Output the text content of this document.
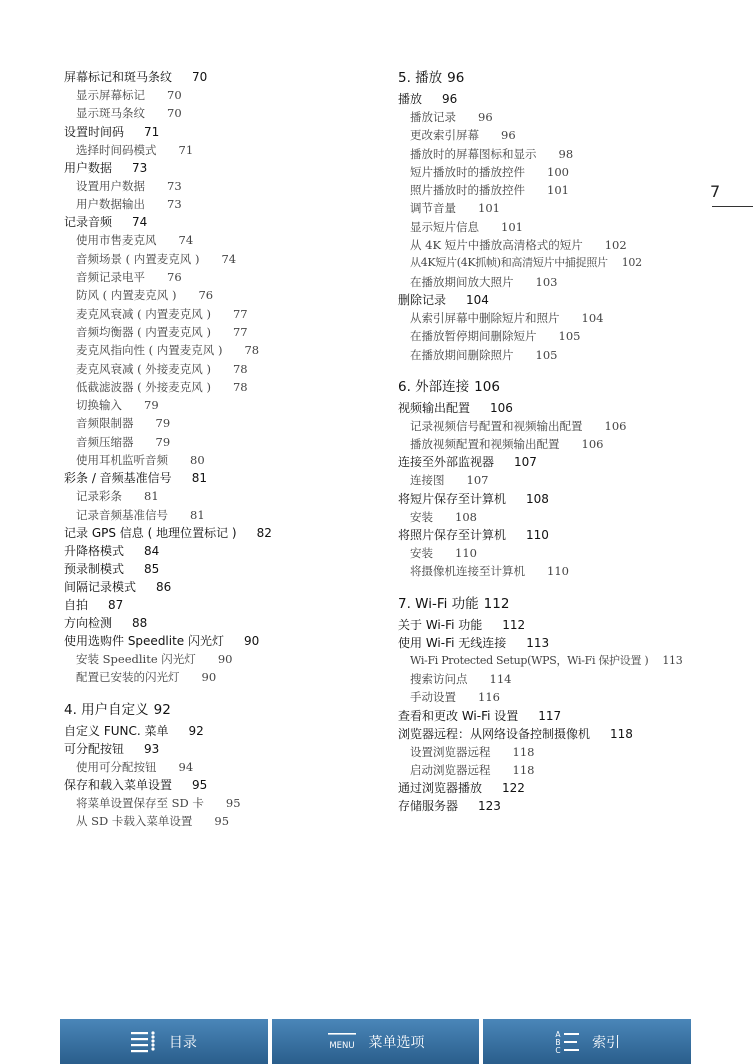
屏幕标记和斑马条纹 70
显示屏幕标记 70
显示斑马条纹 70
设置时间码 71
选择时间码模式 71
用户数据 73
设置用户数据 73
用户数据输出 73
记录音频 74
使用市售麦克风 74
音频场景 ( 内置麦克风 ) 74
音频记录电平 76
防风 ( 内置麦克风 ) 76
麦克风衰减 ( 内置麦克风 ) 77
音频均衡器 ( 内置麦克风 ) 77
麦克风指向性 ( 内置麦克风 ) 78
麦克风衰减 ( 外接麦克风 ) 78
低截滤波器 ( 外接麦克风 ) 78
切换输入 79
音频限制器 79
音频压缩器 79
使用耳机监听音频 80
彩条 / 音频基准信号 81
记录彩条 81
记录音频基准信号 81
记录 GPS 信息 ( 地理位置标记 ) 82
升降格模式 84
预录制模式 85
间隔记录模式 86
自拍 87
方向检测 88
使用选购件 Speedlite 闪光灯 90
安装 Speedlite 闪光灯 90
配置已安装的闪光灯 90
4. 用户自定义 92
自定义 FUNC. 菜单 92
可分配按钮 93
使用可分配按钮 94
保存和载入菜单设置 95
将菜单设置保存至 SD 卡 95
从 SD 卡载入菜单设置 95
5. 播放 96
播放 96
播放记录 96
更改索引屏幕 96
播放时的屏幕图标和显示 98
短片播放时的播放控件 100
照片播放时的播放控件 101
调节音量 101
显示短片信息 101
从 4K 短片中播放高清格式的短片 102
从4K短片(4K抓帧)和高清短片中捕捉照片 102
在播放期间放大照片 103
删除记录 104
从索引屏幕中删除短片和照片 104
在播放暂停期间删除短片 105
在播放期间删除照片 105
6. 外部连接 106
视频输出配置 106
记录视频信号配置和视频输出配置 106
播放视频配置和视频输出配置 106
连接至外部监视器 107
连接图 107
将短片保存至计算机 108
安装 108
将照片保存至计算机 110
安装 110
将摄像机连接至计算机 110
7. Wi-Fi 功能 112
关于 Wi-Fi 功能 112
使用 Wi-Fi 无线连接 113
Wi-Fi Protected Setup(WPS，Wi-Fi 保护设置 ) 113
搜索访问点 114
手动设置 116
查看和更改 Wi-Fi 设置 117
浏览器远程：从网络设备控制摄像机 118
设置浏览器远程 118
启动浏览器远程 118
通过浏览器播放 122
存储服务器 123
7
目录	MENU 菜单选项
A
B
C 索引
